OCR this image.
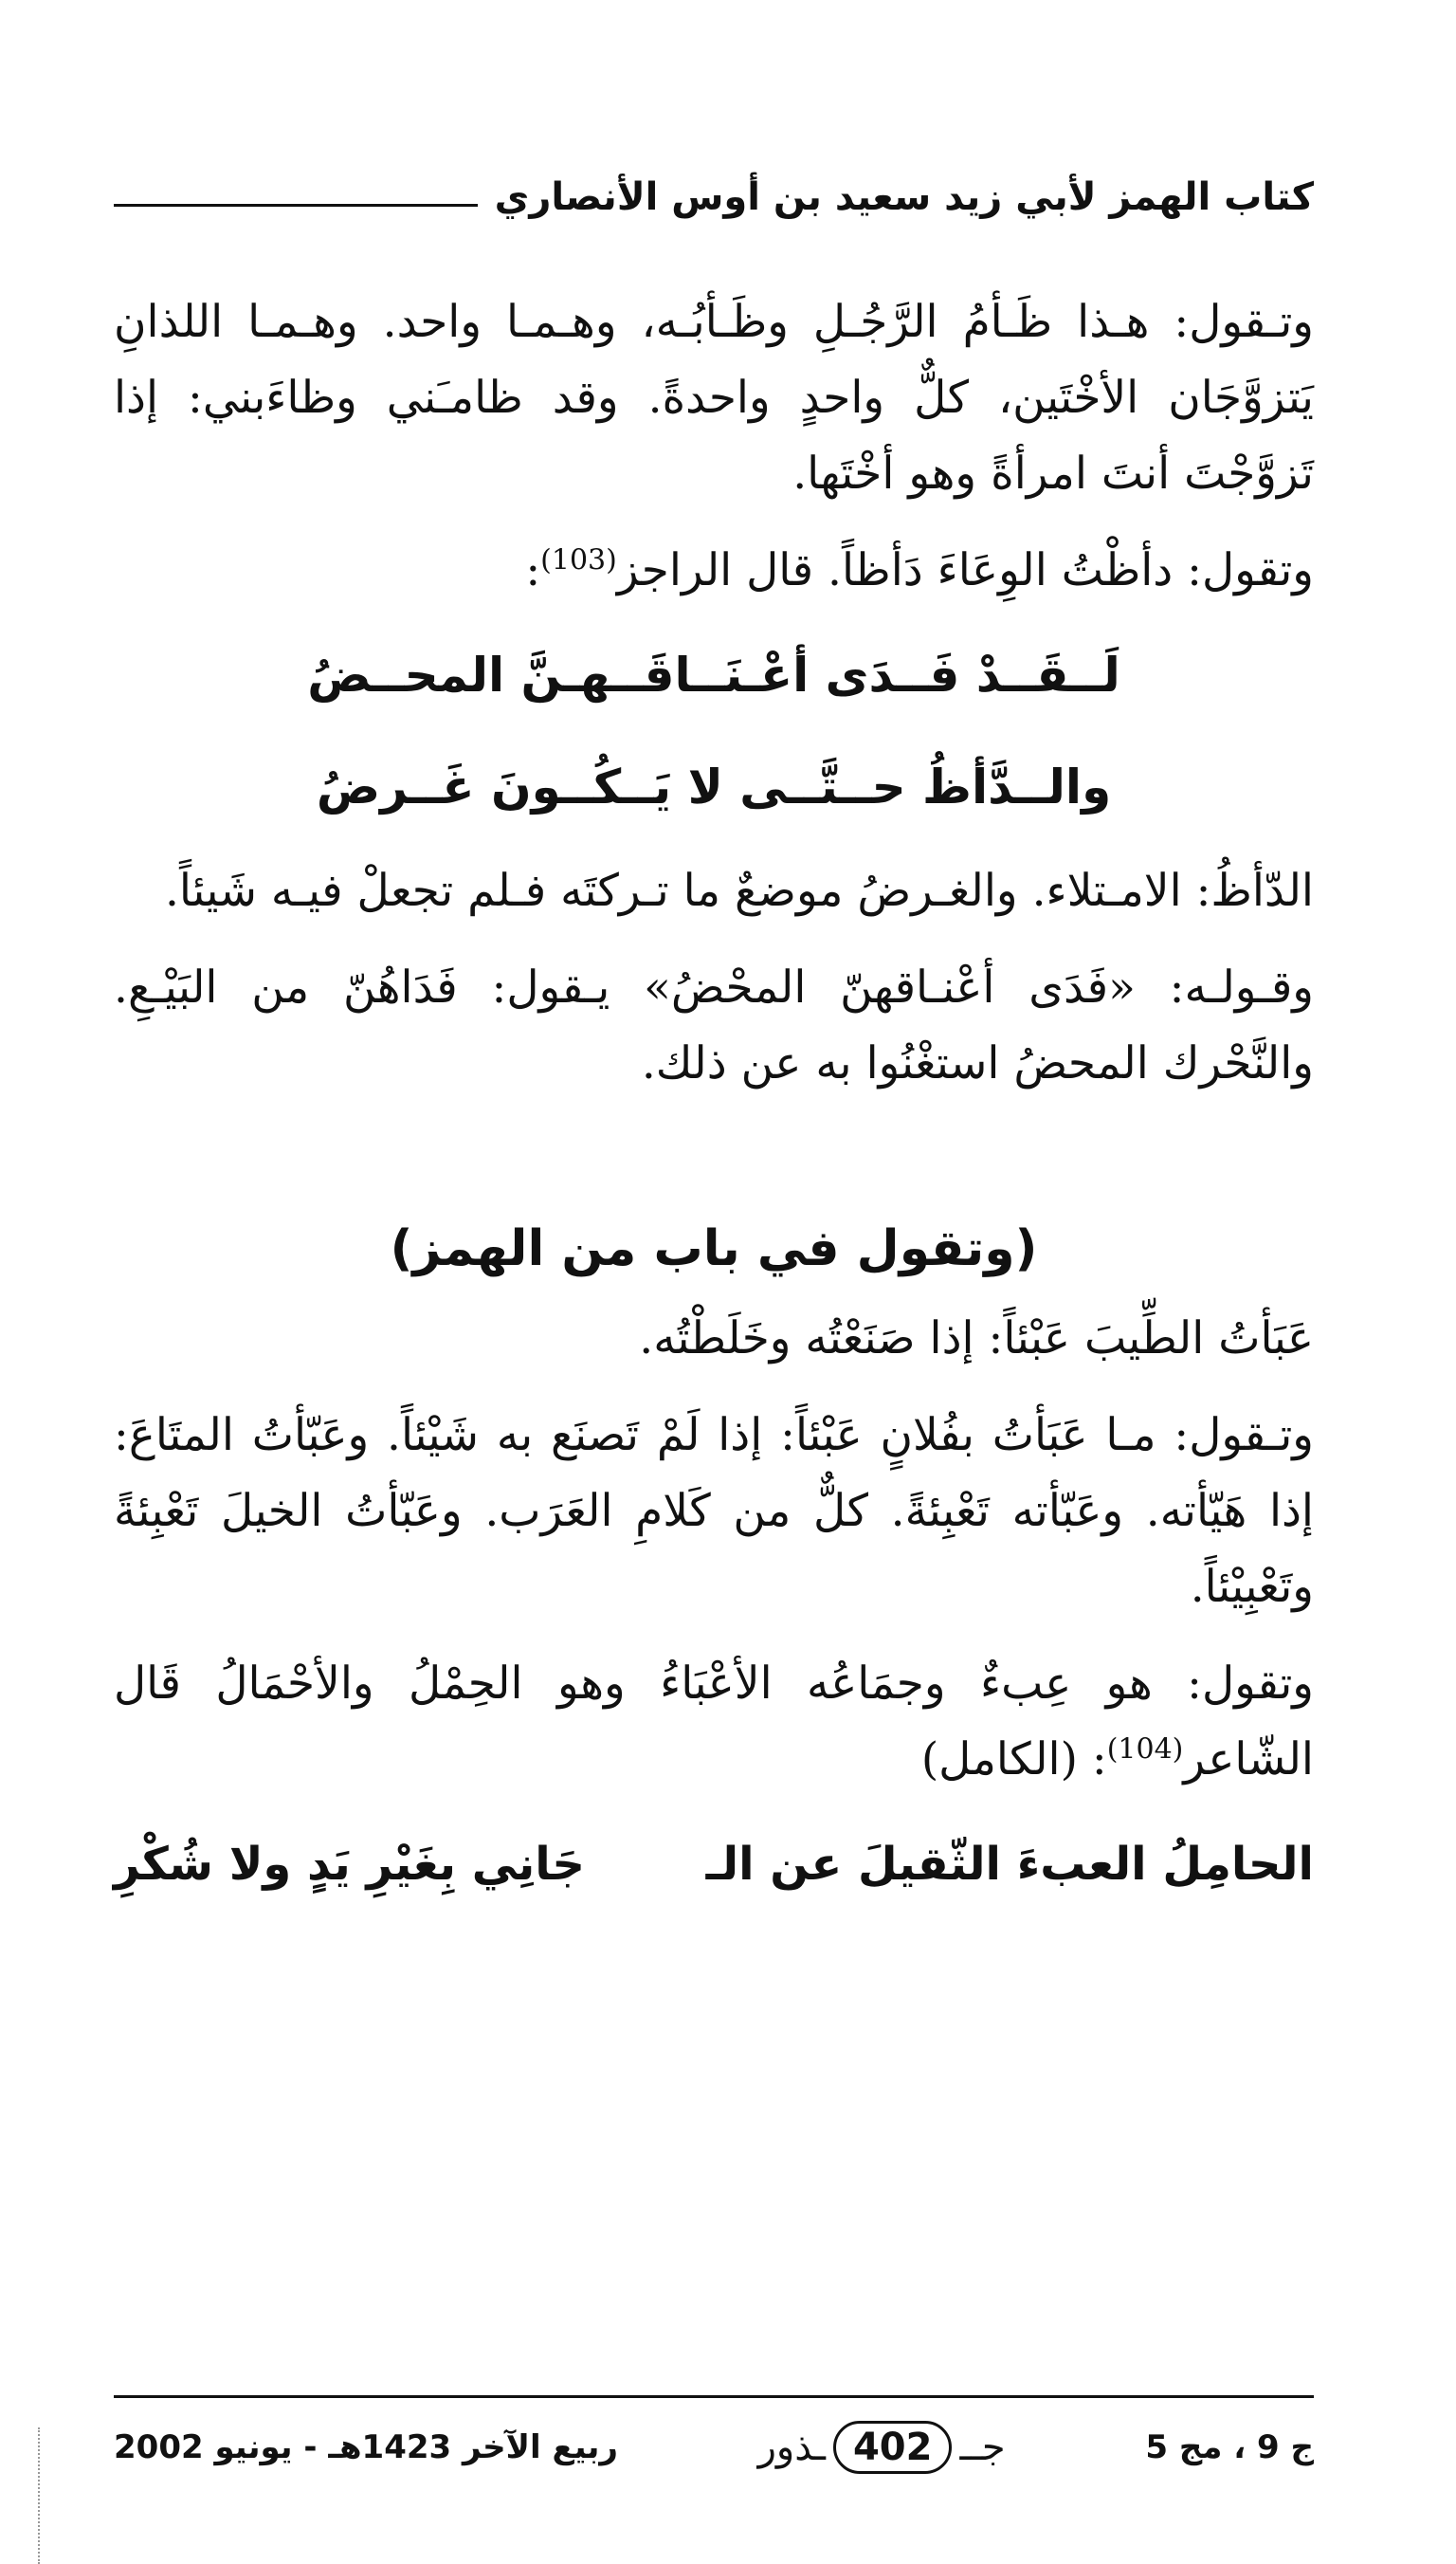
كتاب الهمز لأبي زيد سعيد بن أوس الأنصاري

وتـقول: هـذا ظَـأمُ الرَّجُـلِ وظَـأبُـه، وهـمـا واحد. وهـمـا اللذانِ يَتزوَّجَان الأخْتَين، كلٌّ واحدٍ واحدةً. وقد ظامـَني وظاءَبني: إذا تَزوَّجْتَ أنتَ امرأةً وهو أخْتَها.

وتقول: دأظْتُ الوِعَاءَ دَأظاً. قال الراجز$^{(103)}$:

لَــقَــدْ فَــدَى أعْـنَــاقَــهـنَّ المحــضُ

والــدَّأظُ حــتَّــى لا يَــكُــونَ غَــرضُ

الدّأظُ: الامـتلاء. والغـرضُ موضعٌ ما تـركتَه فـلم تجعلْ فيـه شَيئاً.

وقـولـه: «فَدَى أعْنـاقهنّ المحْضُ» يـقول: فَدَاهُنّ من البَيْـعِ. والنَّحْرك المحضُ استغْنُوا به عن ذلك.

(وتقول في باب من الهمز)

عَبَأتُ الطِّيبَ عَبْئاً: إذا صَنَعْتُه وخَلَطْتُه.

وتـقول: مـا عَبَأتُ بفُلانٍ عَبْئاً: إذا لَمْ تَصنَع به شَيْئاً. وعَبّأتُ المتَاعَ: إذا هَيّأته. وعَبّأته تَعْبِئةً. كلٌّ من كَلامِ العَرَب. وعَبّأتُ الخيلَ تَعْبِئةً وتَعْبِيْئاً.

وتقول: هو عِبءٌ وجمَاعُه الأعْبَاءُ وهو الحِمْلُ والأحْمَالُ قَال الشّاعر$^{(104)}$: (الكامل)

الحامِلُ العبءَ الثّقيلَ عن الـ
جَانِي بِغَيْرِ يَدٍ ولا شُكْرِ
ج 9 ، مج 5
جــ
402
ـذور
ربيع الآخر 1423هـ - يونيو 2002
